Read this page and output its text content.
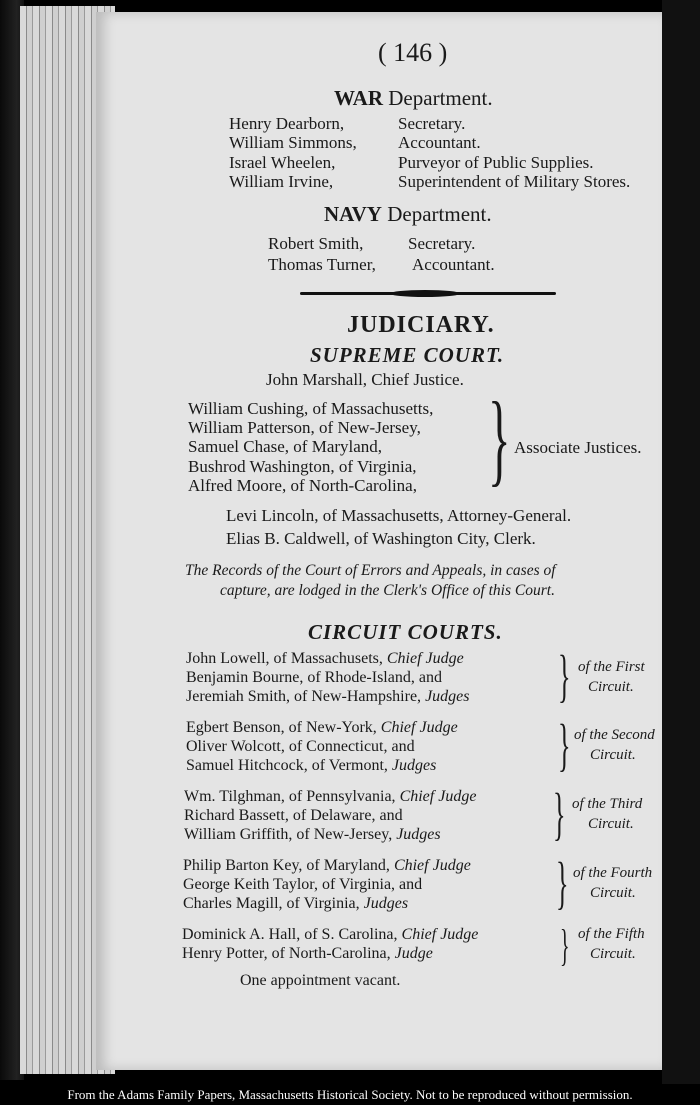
( 146 )
WAR Department.
Henry Dearborn,	Secretary.
William Simmons, Accountant.
Israel Wheelen,	Purveyor of Public Supplies.
William Irvine,	Superintendent of Military Stores.
NAVY Department.
Robert Smith,	Secretary.
Thomas Turner, Accountant.
JUDICIARY.
SUPREME COURT.
John Marshall, Chief Justice.
William Cushing, of Massachusetts,
William Patterson, of New-Jersey,
Samuel Chase, of Maryland,
Bushrod Washington, of Virginia,
Alfred Moore, of North-Carolina, } Associate Justices.
Levi Lincoln, of Massachusetts, Attorney-General.
Elias B. Caldwell, of Washington City, Clerk.
The Records of the Court of Errors and Appeals, in cases of
capture, are lodged in the Clerk's Office of this Court.
CIRCUIT COURTS.
John Lowell, of Massachusets, Chief Judge
Benjamin Bourne, of Rhode-Island, and
Jeremiah Smith, of New-Hampshire, Judges } of the First
Circuit.
Egbert Benson, of New-York, Chief Judge
Oliver Wolcott, of Connecticut, and
Samuel Hitchcock, of Vermont, Judges } of the Second
Circuit.
Wm. Tilghman, of Pennsylvania, Chief Judge
Richard Bassett, of Delaware, and
William Griffith, of New-Jersey, Judges } of the Third
Circuit.
Philip Barton Key, of Maryland, Chief Judge
George Keith Taylor, of Virginia, and
Charles Magill, of Virginia, Judges	} of the Fourth
Circuit.
Dominick A. Hall, of S. Carolina, Chief Judge
Henry Potter, of North-Carolina, Judge	} of the Fifth
Circuit.
One appointment vacant.
From the Adams Family Papers, Massachusetts Historical Society. Not to be reproduced without permission.
